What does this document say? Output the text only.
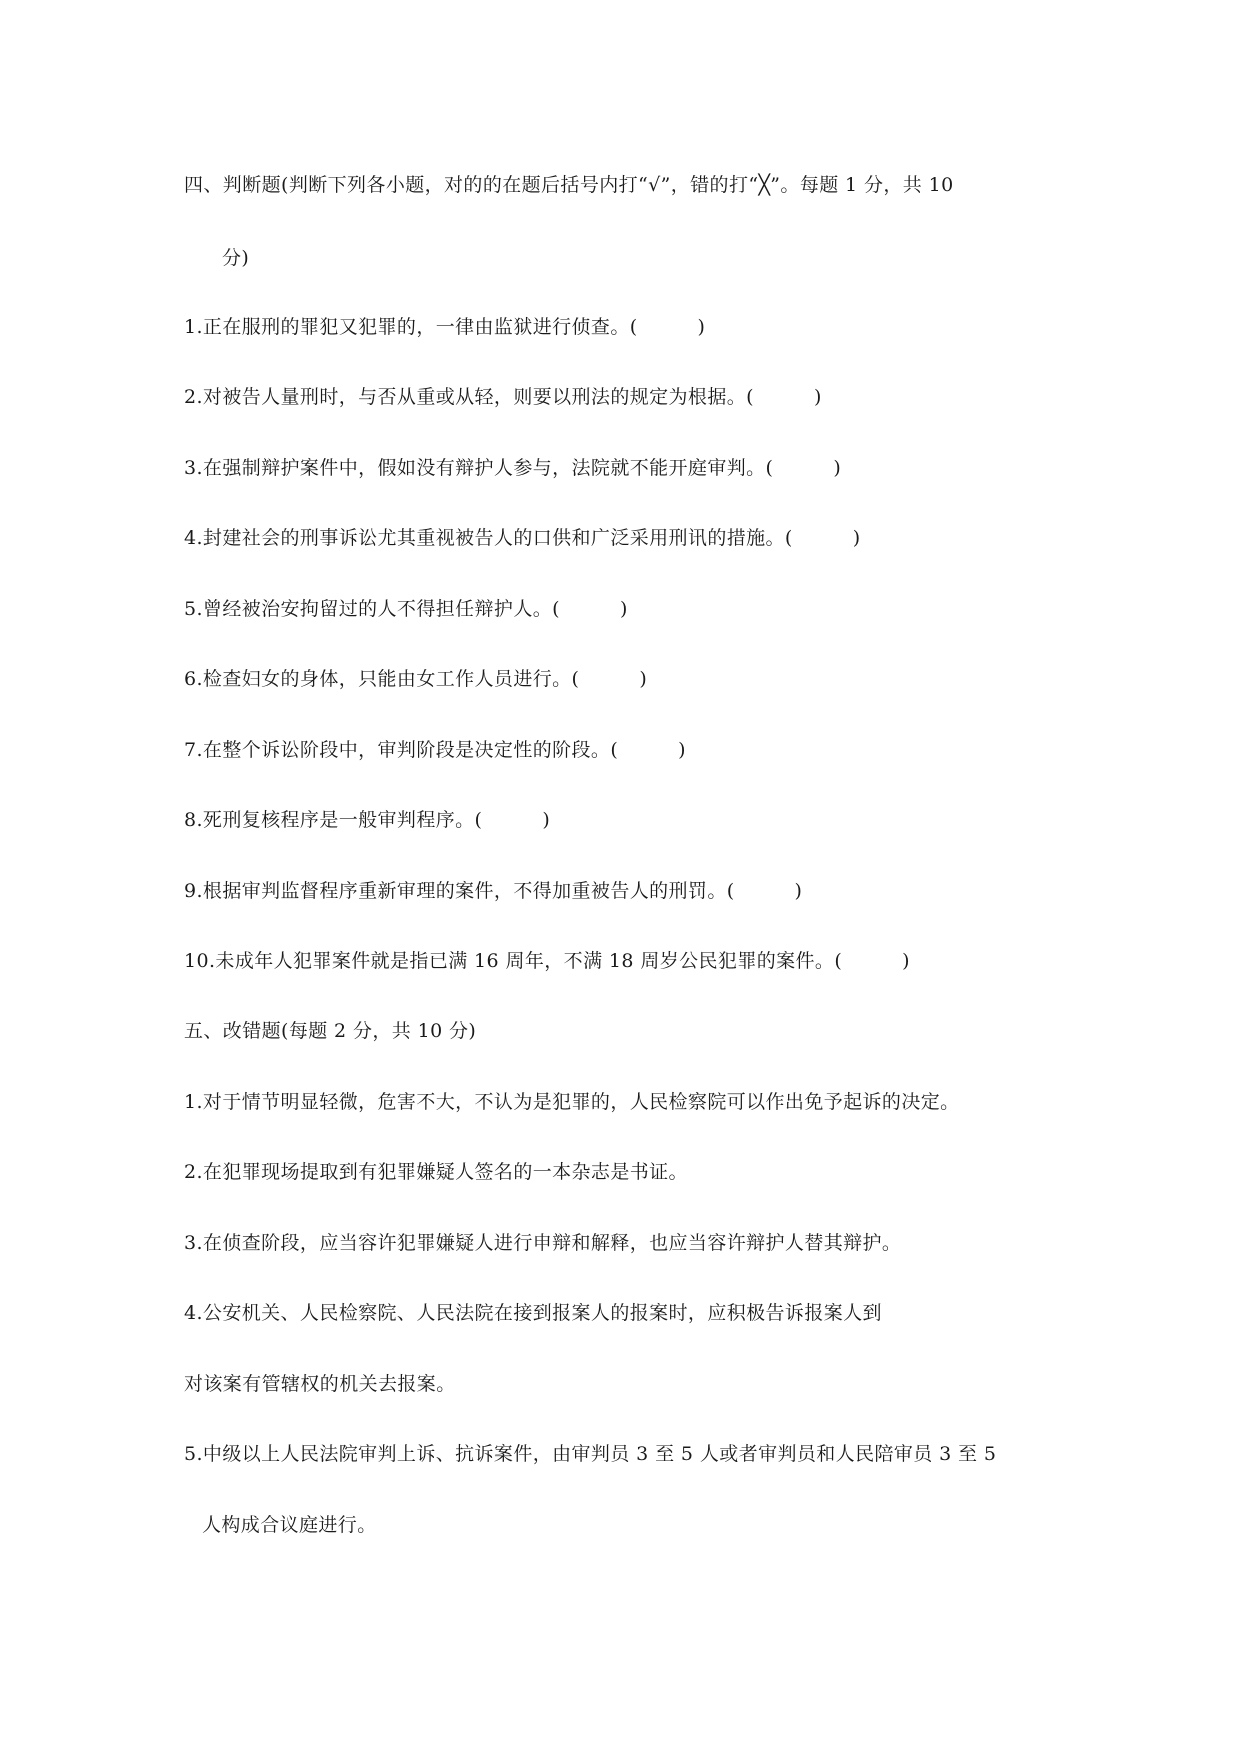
四、判断题(判断下列各小题，对的的在题后括号内打“√”，错的打“╳”。每题 1 分，共 10
分)
1.正在服刑的罪犯又犯罪的，一律由监狱进行侦查。(	)
2.对被告人量刑时，与否从重或从轻，则要以刑法的规定为根据。(	)
3.在强制辩护案件中，假如没有辩护人参与，法院就不能开庭审判。(	)
4.封建社会的刑事诉讼尤其重视被告人的口供和广泛采用刑讯的措施。(	)
5.曾经被治安拘留过的人不得担任辩护人。(	)
6.检查妇女的身体，只能由女工作人员进行。(	)
7.在整个诉讼阶段中，审判阶段是决定性的阶段。(	)
8.死刑复核程序是一般审判程序。(	)
9.根据审判监督程序重新审理的案件，不得加重被告人的刑罚。(	)
10.未成年人犯罪案件就是指已满 16 周年，不满 18 周岁公民犯罪的案件。(	)
五、改错题(每题 2 分，共 10 分)
1.对于情节明显轻微，危害不大，不认为是犯罪的，人民检察院可以作出免予起诉的决定。
2.在犯罪现场提取到有犯罪嫌疑人签名的一本杂志是书证。
3.在侦查阶段，应当容许犯罪嫌疑人进行申辩和解释，也应当容许辩护人替其辩护。
4.公安机关、人民检察院、人民法院在接到报案人的报案时，应积极告诉报案人到
对该案有管辖权的机关去报案。
5.中级以上人民法院审判上诉、抗诉案件，由审判员 3 至 5 人或者审判员和人民陪审员 3 至 5
人构成合议庭进行。
